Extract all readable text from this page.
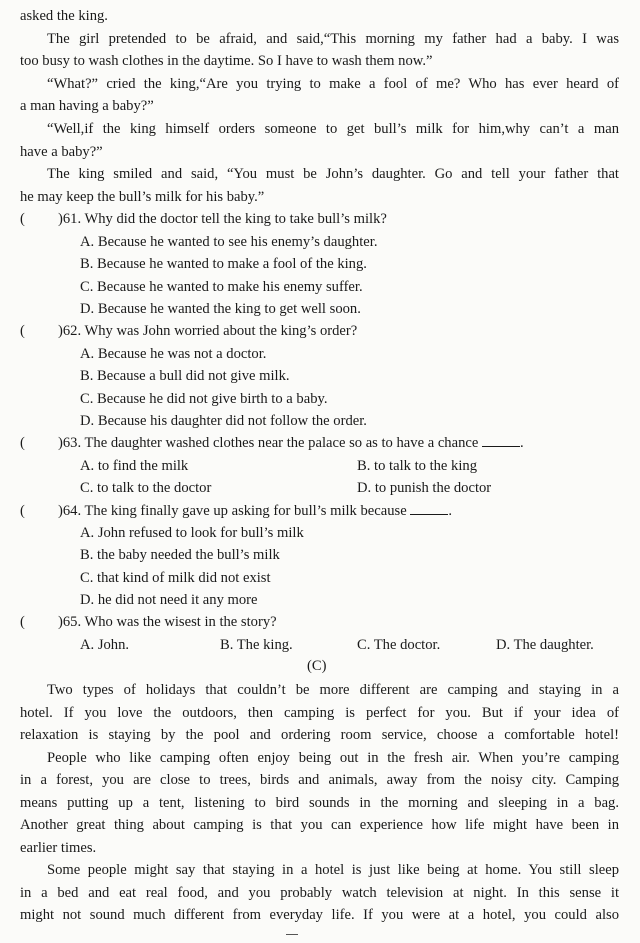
asked the king.
The girl pretended to be afraid, and said,“This morning my father had a baby. I was
too busy to wash clothes in the daytime. So I have to wash them now.”
“What?” cried the king,“Are you trying to make a fool of me? Who has ever heard of
a man having a baby?”
“Well,if the king himself orders someone to get bull’s milk for him,why can’t a man
have a baby?”
The king smiled and said, “You must be John’s daughter. Go and tell your father that
he may keep the bull’s milk for his baby.”
( )61. Why did the doctor tell the king to take bull’s milk?
A. Because he wanted to see his enemy’s daughter.
B. Because he wanted to make a fool of the king.
C. Because he wanted to make his enemy suffer.
D. Because he wanted the king to get well soon.
( )62. Why was John worried about the king’s order?
A. Because he was not a doctor.
B. Because a bull did not give milk.
C. Because he did not give birth to a baby.
D. Because his daughter did not follow the order.
( )63. The daughter washed clothes near the palace so as to have a chance	.
A. to find the milk	B. to talk to the king
C. to talk to the doctor	D. to punish the doctor
( )64. The king finally gave up asking for bull’s milk because	.
A. John refused to look for bull’s milk
B. the baby needed the bull’s milk
C. that kind of milk did not exist
D. he did not need it any more
( )65. Who was the wisest in the story?
A. John.	B. The king.	C. The doctor.	D. The daughter.
(C)
Two types of holidays that couldn’t be more different are camping and staying in a
hotel. If you love the outdoors, then camping is perfect for you. But if your idea of
relaxation is staying by the pool and ordering room service, choose a comfortable hotel!
People who like camping often enjoy being out in the fresh air. When you’re camping
in a forest, you are close to trees, birds and animals, away from the noisy city. Camping
means putting up a tent, listening to bird sounds in the morning and sleeping in a bag.
Another great thing about camping is that you can experience how life might have been in
earlier times.
Some people might say that staying in a hotel is just like being at home. You still sleep
in a bed and eat real food, and you probably watch television at night. In this sense it
might not sound much different from everyday life. If you were at a hotel, you could also
